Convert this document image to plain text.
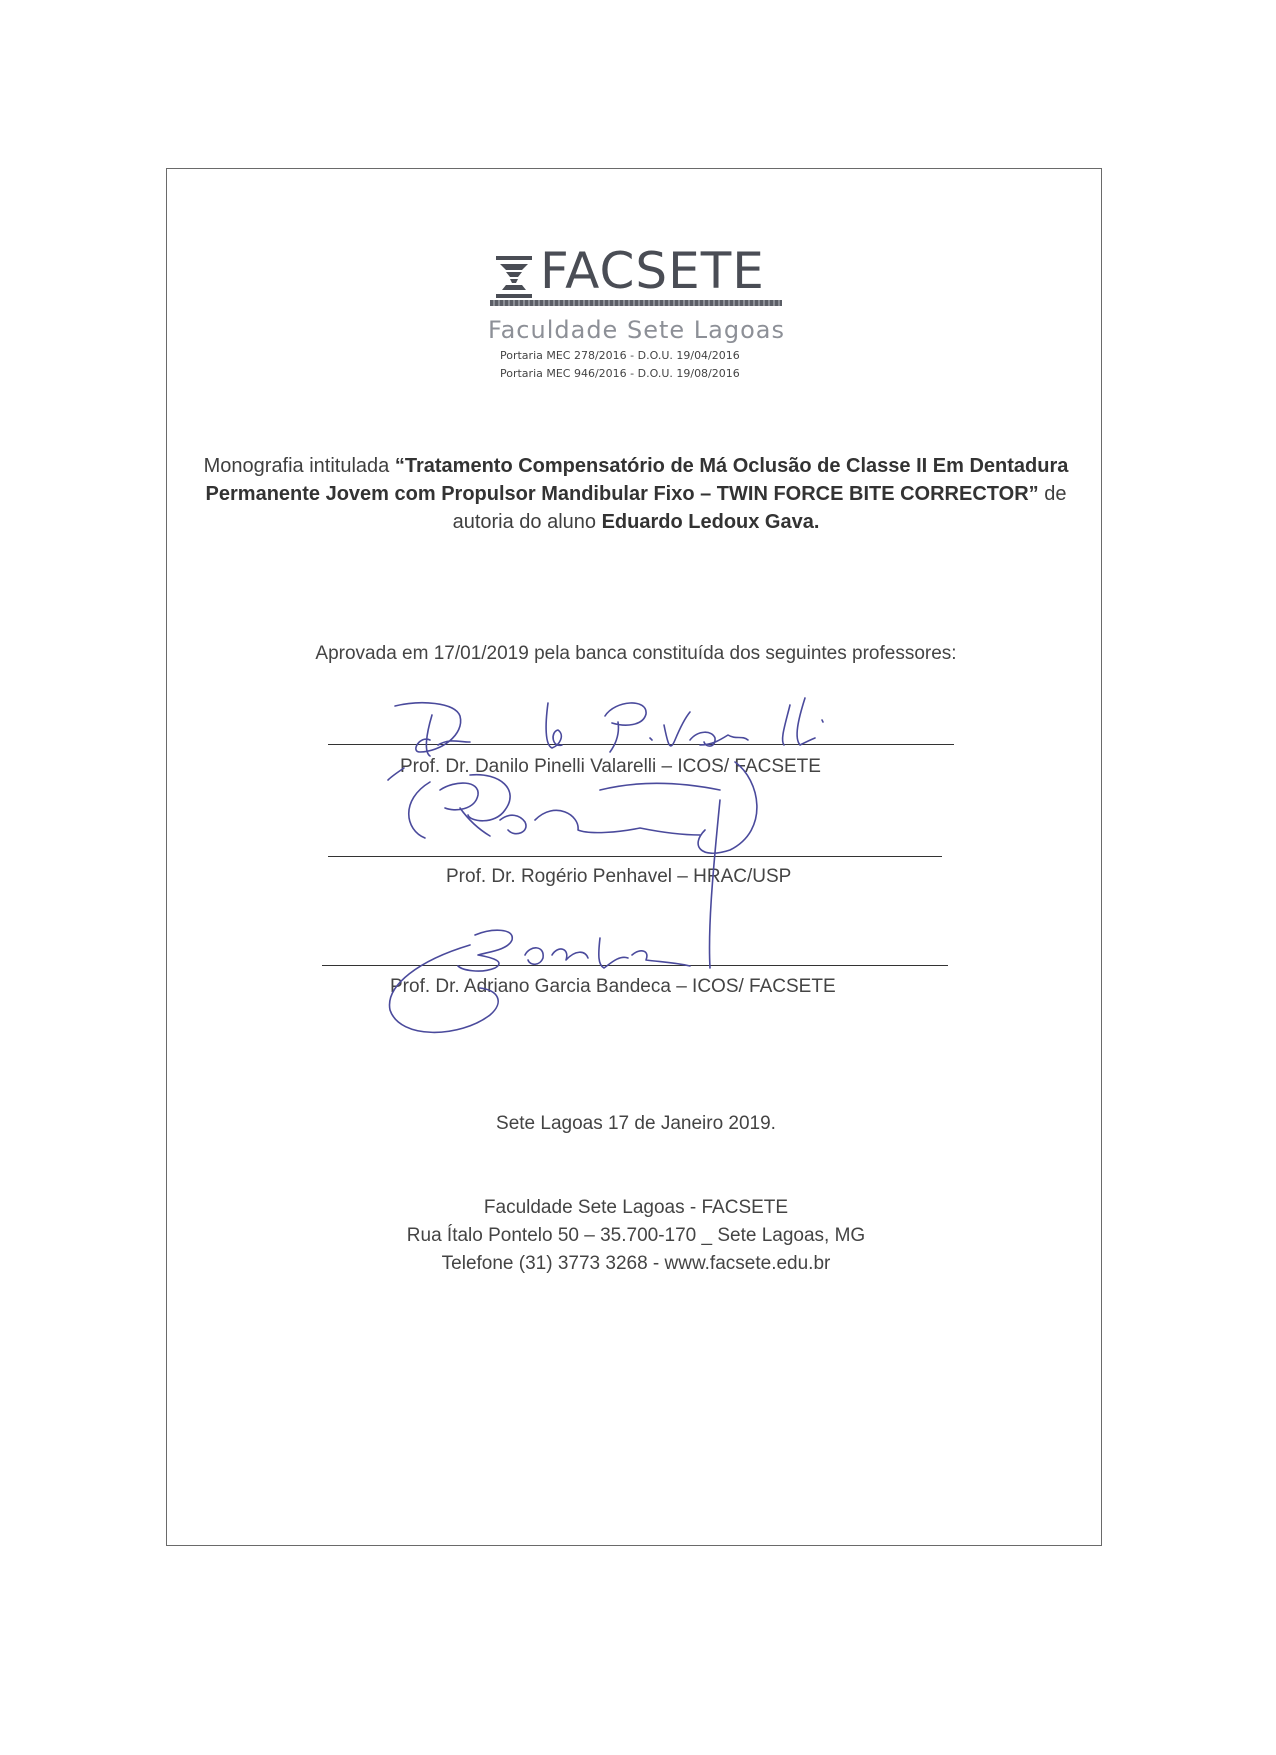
FACSETE
Faculdade Sete Lagoas
Portaria MEC 278/2016 - D.O.U. 19/04/2016
Portaria MEC 946/2016 - D.O.U. 19/08/2016
Monografia intitulada “Tratamento Compensatório de Má Oclusão de Classe II Em Dentadura Permanente Jovem com Propulsor Mandibular Fixo – TWIN FORCE BITE CORRECTOR” de autoria do aluno Eduardo Ledoux Gava.
Aprovada em 17/01/2019 pela banca constituída dos seguintes professores:
Prof. Dr. Danilo Pinelli Valarelli – ICOS/ FACSETE
Prof. Dr. Rogério Penhavel – HRAC/USP
Prof. Dr. Adriano Garcia Bandeca – ICOS/ FACSETE
Sete Lagoas 17 de Janeiro 2019.
Faculdade Sete Lagoas - FACSETE
Rua Ítalo Pontelo 50 – 35.700-170 _ Sete Lagoas, MG
Telefone (31) 3773 3268 - www.facsete.edu.br
